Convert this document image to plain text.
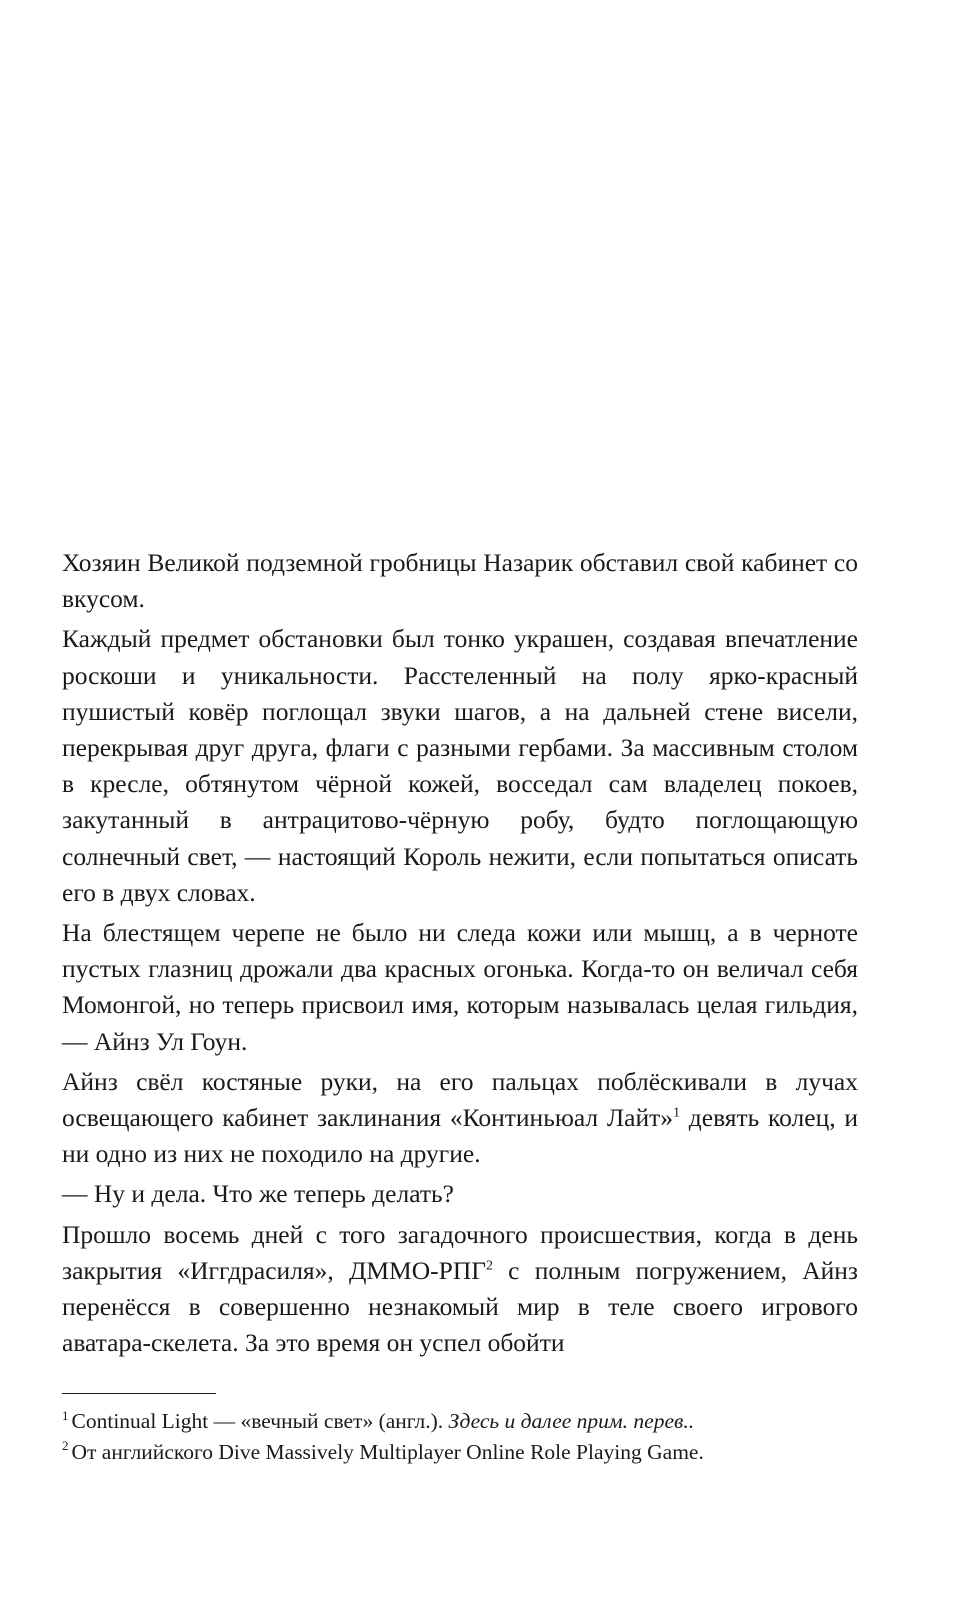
Хозяин Великой подземной гробницы Назарик обставил свой кабинет со вкусом.

Каждый предмет обстановки был тонко украшен, создавая впечатление роскоши и уникальности. Расстеленный на полу ярко-красный пушистый ковёр поглощал звуки шагов, а на дальней стене висели, перекрывая друг друга, флаги с разными гербами. За массивным столом в кресле, обтянутом чёрной кожей, восседал сам владелец покоев, закутанный в антрацитово-чёрную робу, будто поглощающую солнечный свет, — настоящий Король нежити, если попытаться описать его в двух словах.

На блестящем черепе не было ни следа кожи или мышц, а в черноте пустых глазниц дрожали два красных огонька. Когда-то он величал себя Момонгой, но теперь присвоил имя, которым называлась целая гильдия, — Айнз Ул Гоун.

Айнз свёл костяные руки, на его пальцах поблёскивали в лучах освещающего кабинет заклинания «Континьюал Лайт»$^1$ девять колец, и ни одно из них не походило на другие.

— Ну и дела. Что же теперь делать?

Прошло восемь дней с того загадочного происшествия, когда в день закрытия «Иггдрасиля», ДММО-РПГ$^2$ с полным погружением, Айнз перенёсся в совершенно незнакомый мир в теле своего игрового аватара-скелета. За это время он успел обойти

$^1$ Continual Light — «вечный свет» (англ.). Здесь и далее прим. перев..

$^2$ От английского Dive Massively Multiplayer Online Role Playing Game.
